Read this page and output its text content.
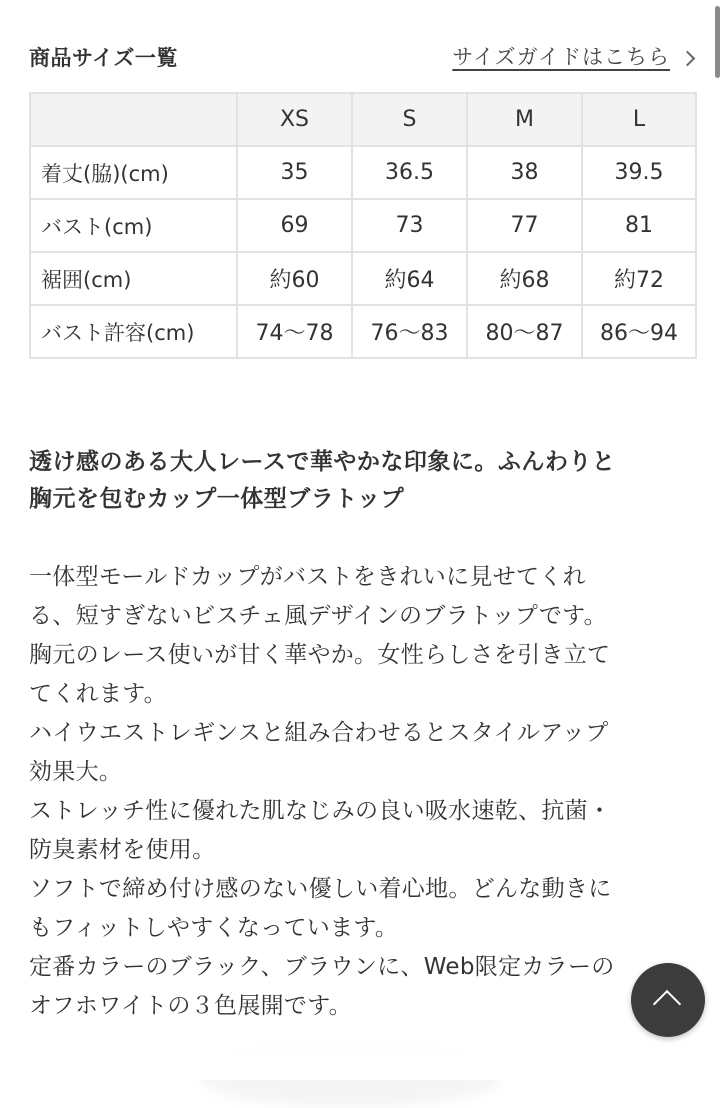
商品サイズ一覧	サイズガイドはこちら
	XS	S	M	L
着丈(脇)(cm)	35	36.5	38	39.5
バスト(cm)	69	73	77	81
裾囲(cm)	約60	約64	約68	約72
バスト許容(cm)	74〜78	76〜83	80〜87	86〜94
透け感のある大人レースで華やかな印象に。ふんわりと
胸元を包むカップ一体型ブラトップ

一体型モールドカップがバストをきれいに見せてくれ

る、短すぎないビスチェ風デザインのブラトップです。

胸元のレース使いが甘く華やか。女性らしさを引き立て

てくれます。

ハイウエストレギンスと組み合わせるとスタイルアップ

効果大。

ストレッチ性に優れた肌なじみの良い吸水速乾、抗菌・

防臭素材を使用。

ソフトで締め付け感のない優しい着心地。どんな動きに

もフィットしやすくなっています。

定番カラーのブラック、ブラウンに、Web限定カラーの

オフホワイトの３色展開です。
